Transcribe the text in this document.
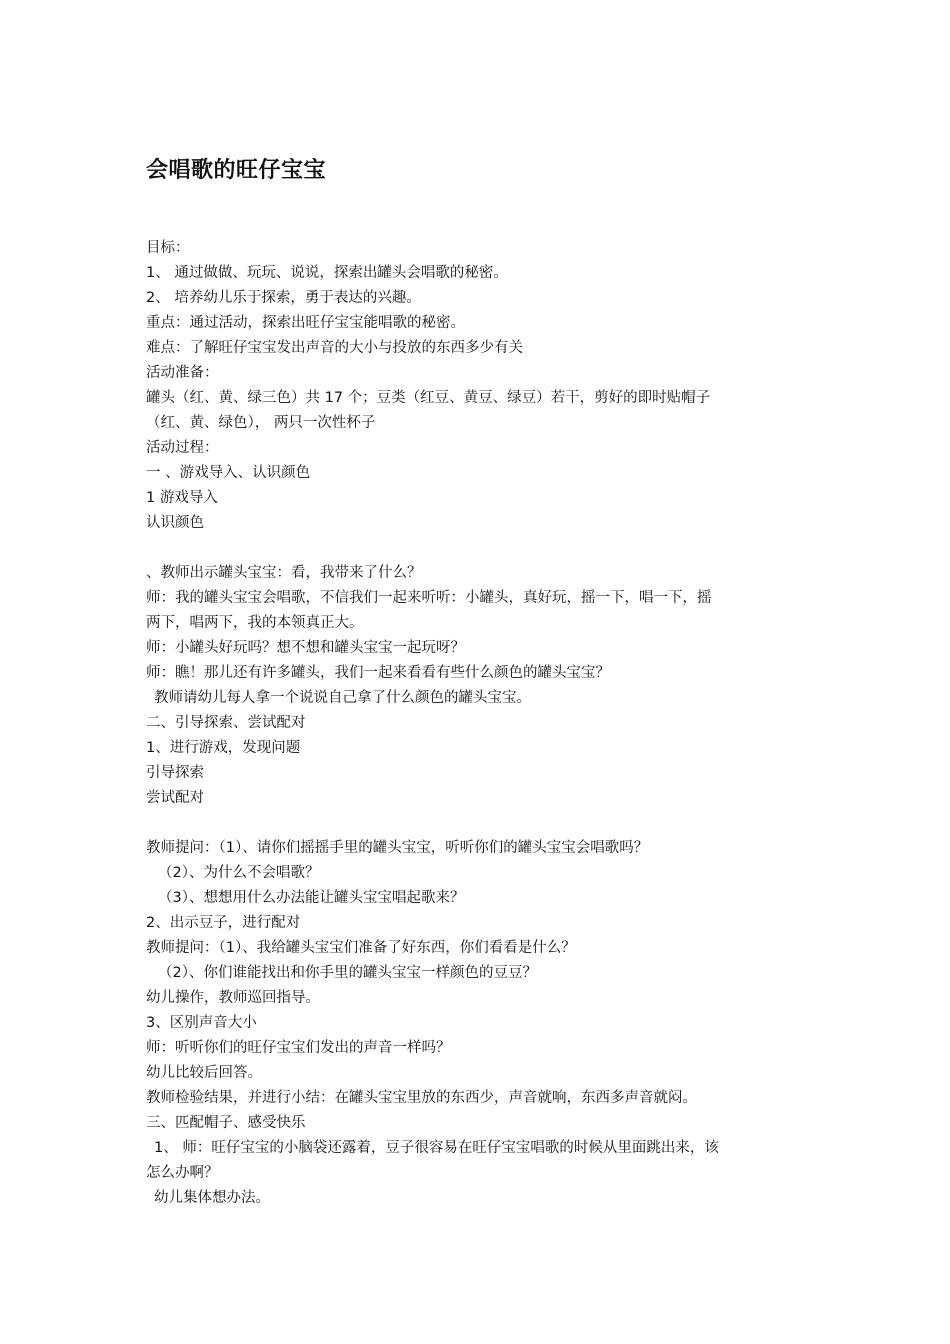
会唱歌的旺仔宝宝
目标：
1、 通过做做、玩玩、说说，探索出罐头会唱歌的秘密。
2、 培养幼儿乐于探索，勇于表达的兴趣。
重点：通过活动，探索出旺仔宝宝能唱歌的秘密。
难点：了解旺仔宝宝发出声音的大小与投放的东西多少有关
活动准备：
罐头（红、黄、绿三色）共 17 个；豆类（红豆、黄豆、绿豆）若干，剪好的即时贴帽子
（红、黄、绿色）， 两只一次性杯子
活动过程：
一 、游戏导入、认识颜色
1 游戏导入
认识颜色
、教师出示罐头宝宝：看，我带来了什么？
师：我的罐头宝宝会唱歌，不信我们一起来听听：小罐头，真好玩，摇一下，唱一下，摇
两下，唱两下，我的本领真正大。
师：小罐头好玩吗？想不想和罐头宝宝一起玩呀？
师：瞧！那儿还有许多罐头，我们一起来看看有些什么颜色的罐头宝宝？
教师请幼儿每人拿一个说说自己拿了什么颜色的罐头宝宝。
二、引导探索、尝试配对
1、进行游戏，发现问题
引导探索
尝试配对
教师提问：（1）、请你们摇摇手里的罐头宝宝，听听你们的罐头宝宝会唱歌吗？
（2）、为什么不会唱歌？
（3）、想想用什么办法能让罐头宝宝唱起歌来？
2、出示豆子，进行配对
教师提问：（1）、我给罐头宝宝们准备了好东西，你们看看是什么？
（2）、你们谁能找出和你手里的罐头宝宝一样颜色的豆豆？
幼儿操作，教师巡回指导。
3、区别声音大小
师：听听你们的旺仔宝宝们发出的声音一样吗？
幼儿比较后回答。
教师检验结果，并进行小结：在罐头宝宝里放的东西少，声音就响，东西多声音就闷。
三、匹配帽子、感受快乐
1、 师：旺仔宝宝的小脑袋还露着，豆子很容易在旺仔宝宝唱歌的时候从里面跳出来，该
怎么办啊？
幼儿集体想办法。
